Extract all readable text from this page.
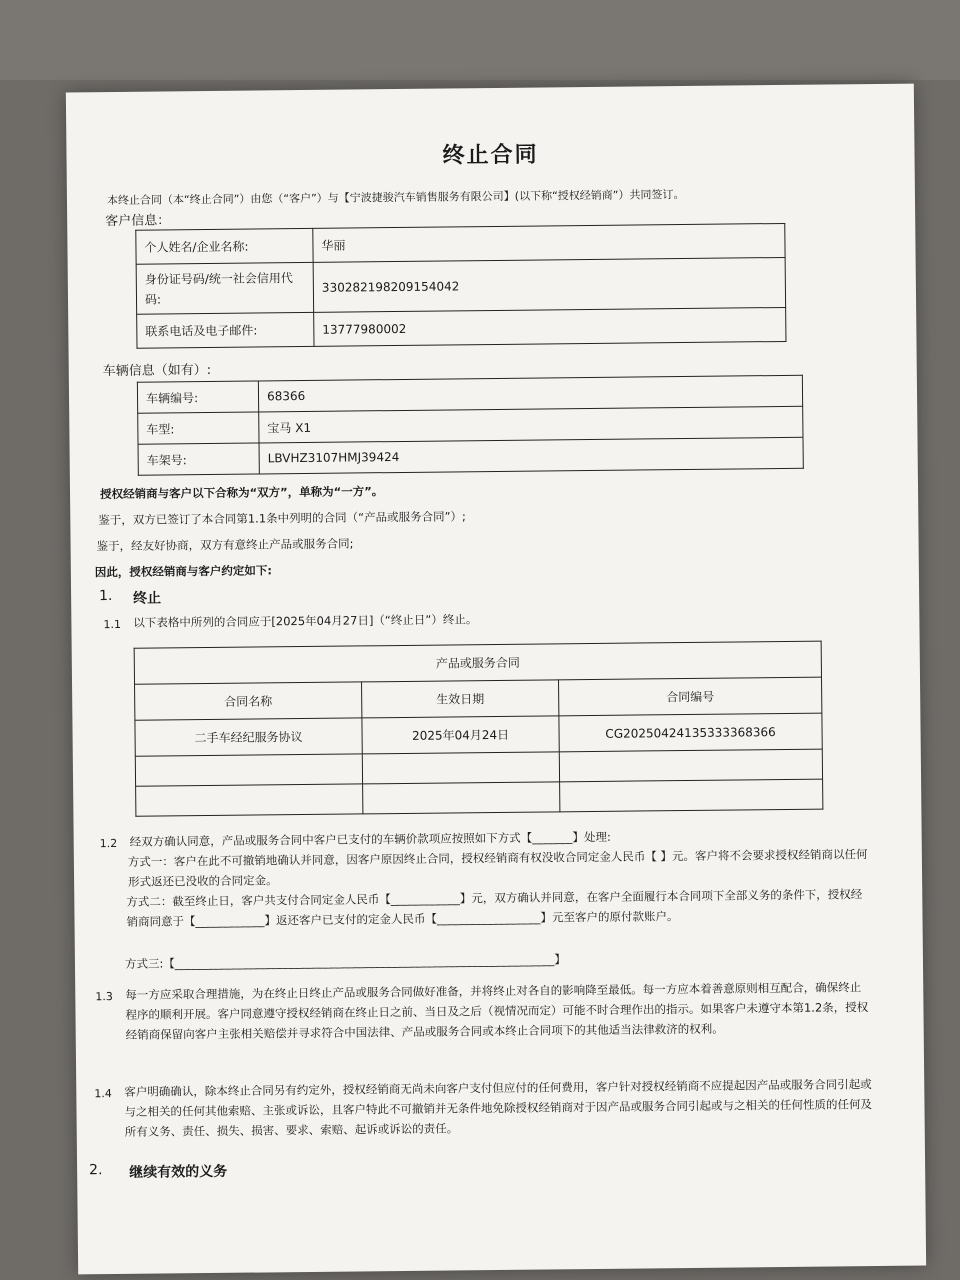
终止合同
本终止合同（本“终止合同”）由您（“客户”）与【宁波捷骏汽车销售服务有限公司】(以下称“授权经销商”）共同签订。
客户信息：
个人姓名/企业名称:	华丽
身份证号码/统一社会信用代码:	330282198209154042
联系电话及电子邮件:	13777980002
车辆信息（如有）:
车辆编号:	68366
车型:	宝马 X1
车架号:	LBVHZ3107HMJ39424
授权经销商与客户以下合称为“双方”，单称为“一方”。
鉴于，双方已签订了本合同第1.1条中列明的合同（“产品或服务合同”）;
鉴于，经友好协商，双方有意终止产品或服务合同;
因此，授权经销商与客户约定如下:
1.	终止
1.1 以下表格中所列的合同应于[2025年04月27日]（“终止日”）终止。
产品或服务合同		
合同名称	生效日期	合同编号
二手车经纪服务协议	2025年04月24日	CG20250424135333368366

1.2 经双方确认同意，产品或服务合同中客户已支付的车辆价款项应按照如下方式【_______】处理:
方式一：客户在此不可撤销地确认并同意，因客户原因终止合同，授权经销商有权没收合同定金人民币【 】元。客户将不会要求授权经销商以任何形式返还已没收的合同定金。
方式二：截至终止日，客户共支付合同定金人民币【____________】元，双方确认并同意，在客户全面履行本合同项下全部义务的条件下，授权经销商同意于【____________】返还客户已支付的定金人民币【__________________】元至客户的原付款账户。
方式三:【__________________________________________________________________】
1.3 每一方应采取合理措施，为在终止日终止产品或服务合同做好准备，并将终止对各自的影响降至最低。每一方应本着善意原则相互配合，确保终止程序的顺利开展。客户同意遵守授权经销商在终止日之前、当日及之后（视情况而定）可能不时合理作出的指示。如果客户未遵守本第1.2条，授权经销商保留向客户主张相关赔偿并寻求符合中国法律、产品或服务合同或本终止合同项下的其他适当法律救济的权利。
1.4 客户明确确认，除本终止合同另有约定外，授权经销商无尚未向客户支付但应付的任何费用，客户针对授权经销商不应提起因产品或服务合同引起或与之相关的任何其他索赔、主张或诉讼，且客户特此不可撤销并无条件地免除授权经销商对于因产品或服务合同引起或与之相关的任何性质的任何及所有义务、责任、损失、损害、要求、索赔、起诉或诉讼的责任。
2. 继续有效的义务
